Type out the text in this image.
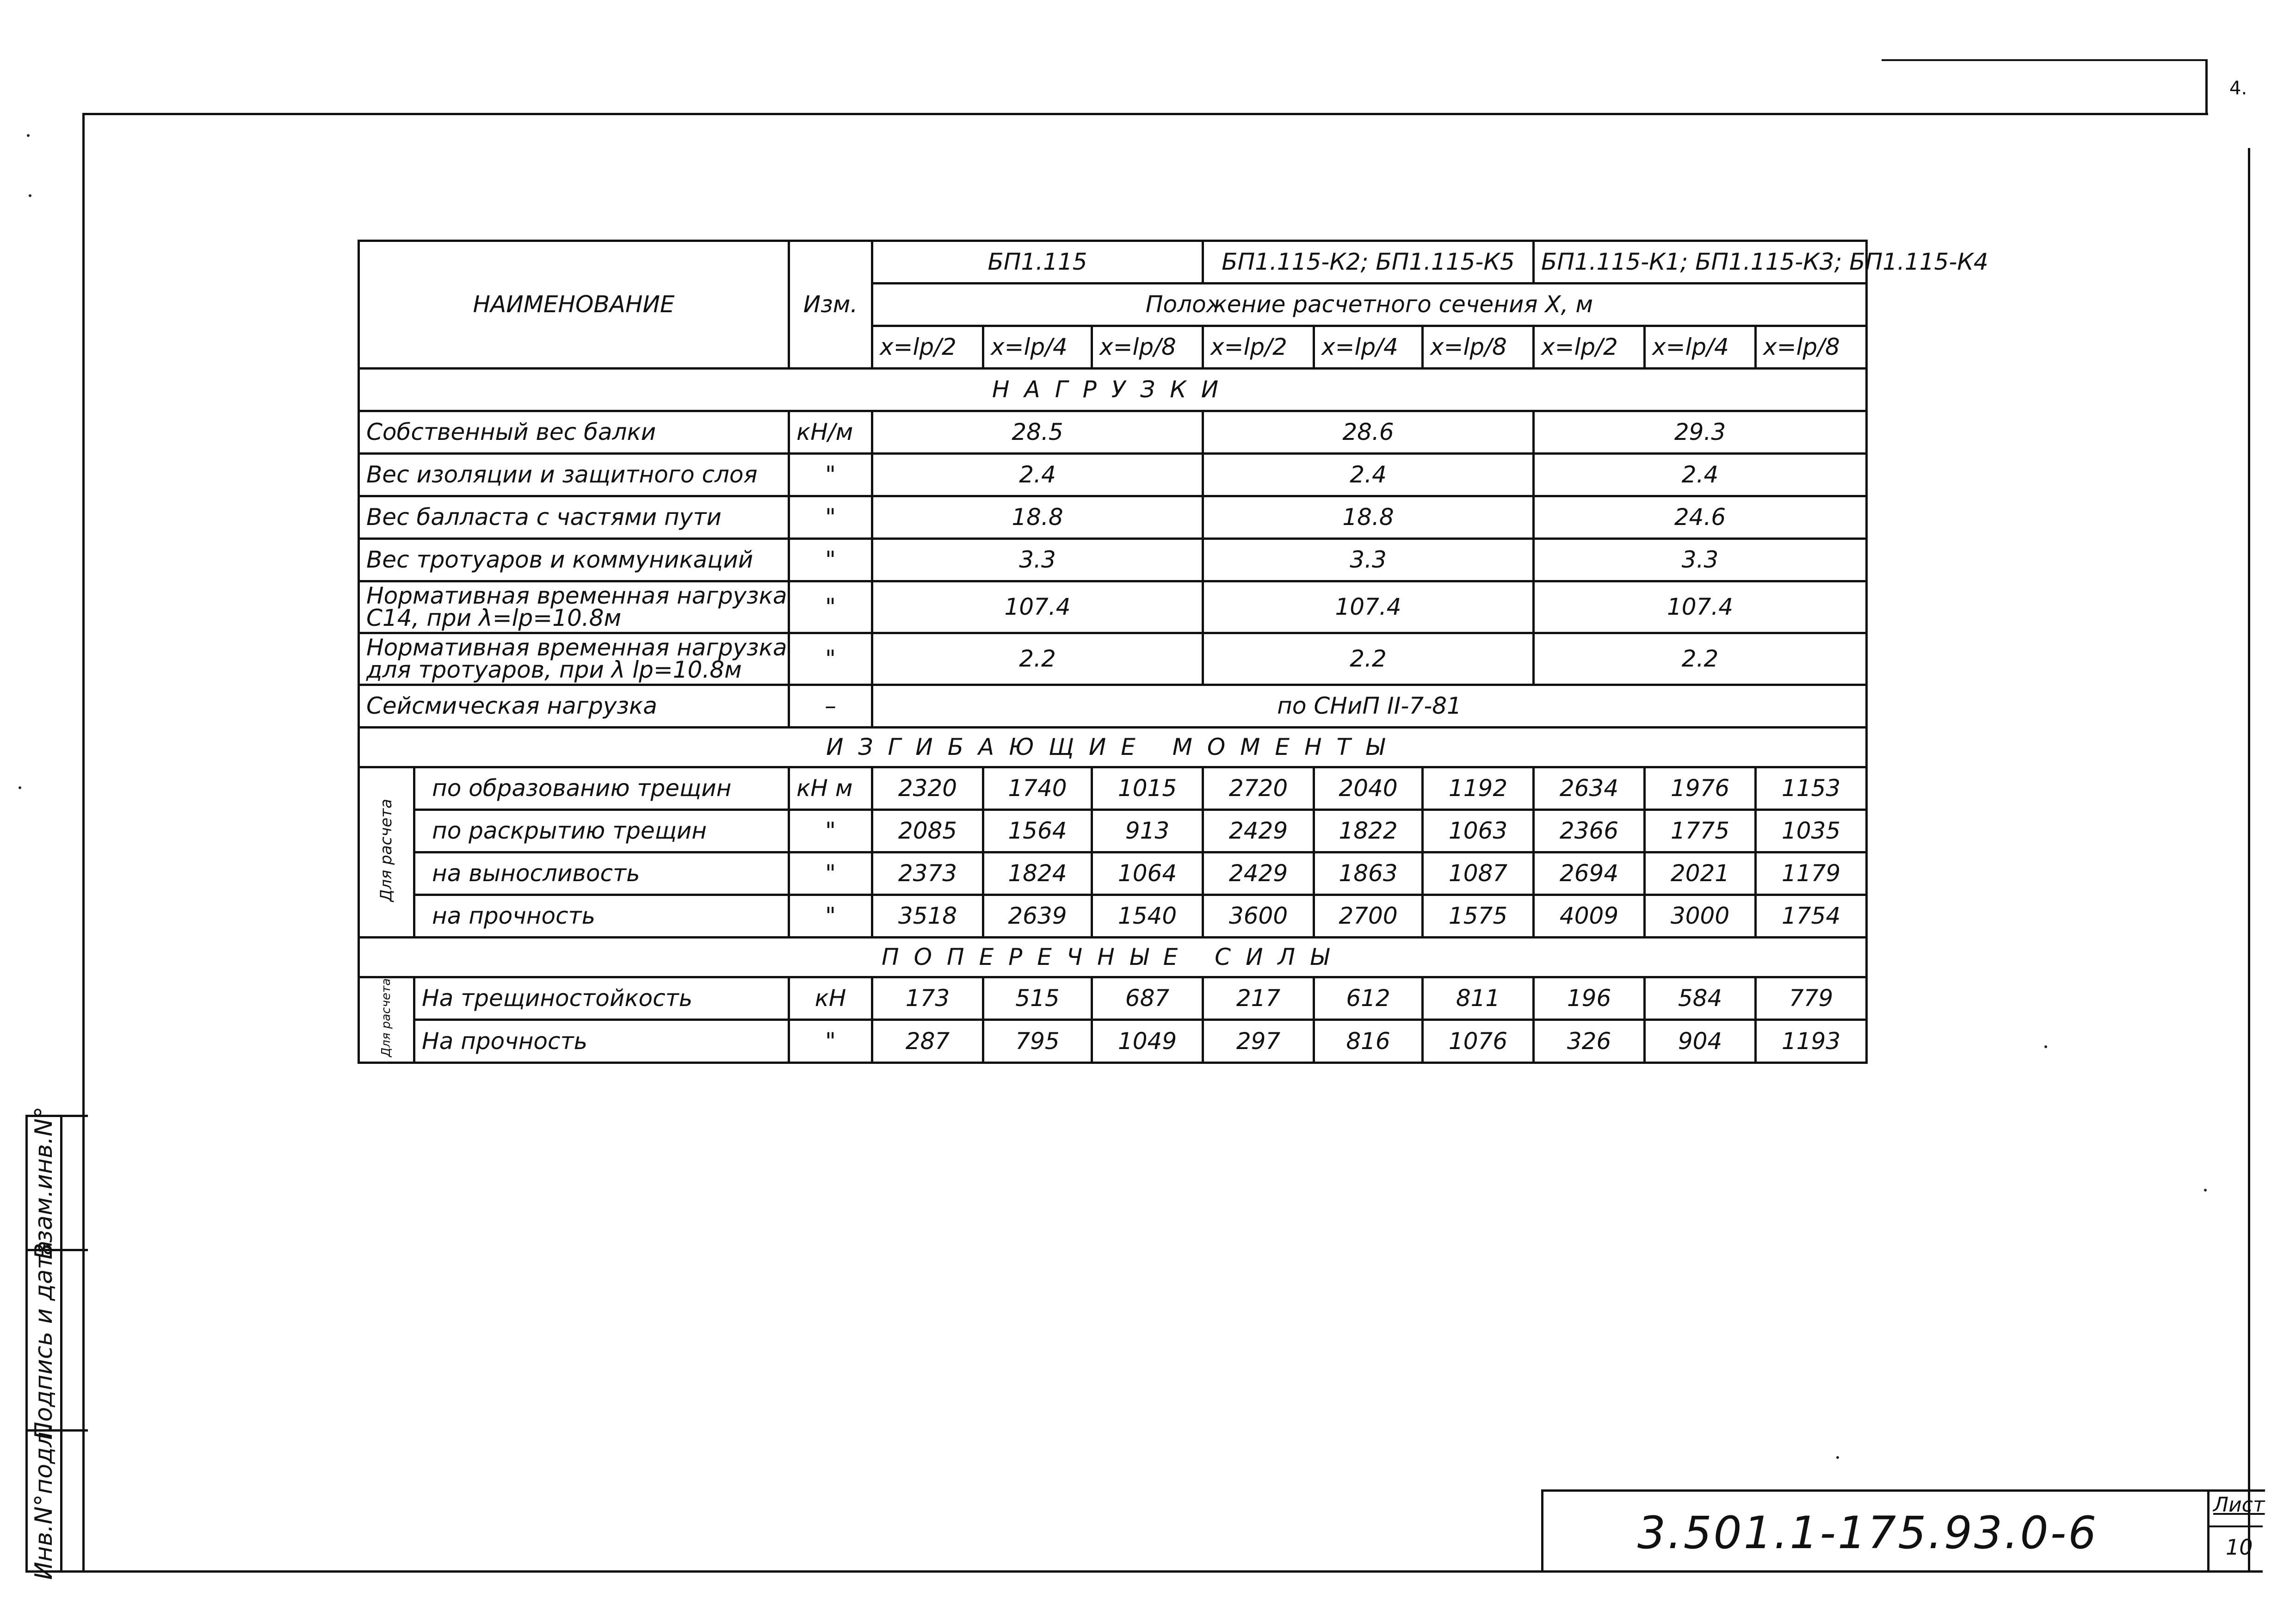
4.
НАИМЕНОВАНИЕ		Изм.	БП1.115			БП1.115-К2; БП1.115-К5			БП1.115-К1; БП1.115-К3; БП1.115-К4		
			Положение расчетного сечения Х, м								
			x=lp/2	x=lp/4	x=lp/8	x=lp/2	x=lp/4	x=lp/8	x=lp/2	x=lp/4	x=lp/8
НАГРУЗКИ											
Собственный вес балки		кН/м	28.5			28.6			29.3		
Вес изоляции и защитного слоя		"	2.4			2.4			2.4		
Вес балласта с частями пути		"	18.8			18.8			24.6		
Вес тротуаров и коммуникаций		"	3.3			3.3			3.3		

Нормативная временная нагрузка
С14, при λ=lp=10.8м		"	107.4			107.4			107.4		

Нормативная временная нагрузка
для тротуаров, при λ lp=10.8м		"	2.2			2.2			2.2		
Сейсмическая нагрузка		–	по СНиП II-7-81								
ИЗГИБАЮЩИЕ МОМЕНТЫ											
Для расчета	по образованию трещин	кН м	2320	1740	1015	2720	2040	1192	2634	1976	1153
	по раскрытию трещин	"	2085	1564	913	2429	1822	1063	2366	1775	1035
	на выносливость	"	2373	1824	1064	2429	1863	1087	2694	2021	1179
	на прочность	"	3518	2639	1540	3600	2700	1575	4009	3000	1754
ПОПЕРЕЧНЫЕ СИЛЫ											
Для расчета	На трещиностойкость	кН	173	515	687	217	612	811	196	584	779
	На прочность	"	287	795	1049	297	816	1076	326	904	1193
Взам.инв.N°
Подпись и дата
Инв.N°подл.	3.501.1-175.93.0-6
Лист
10
